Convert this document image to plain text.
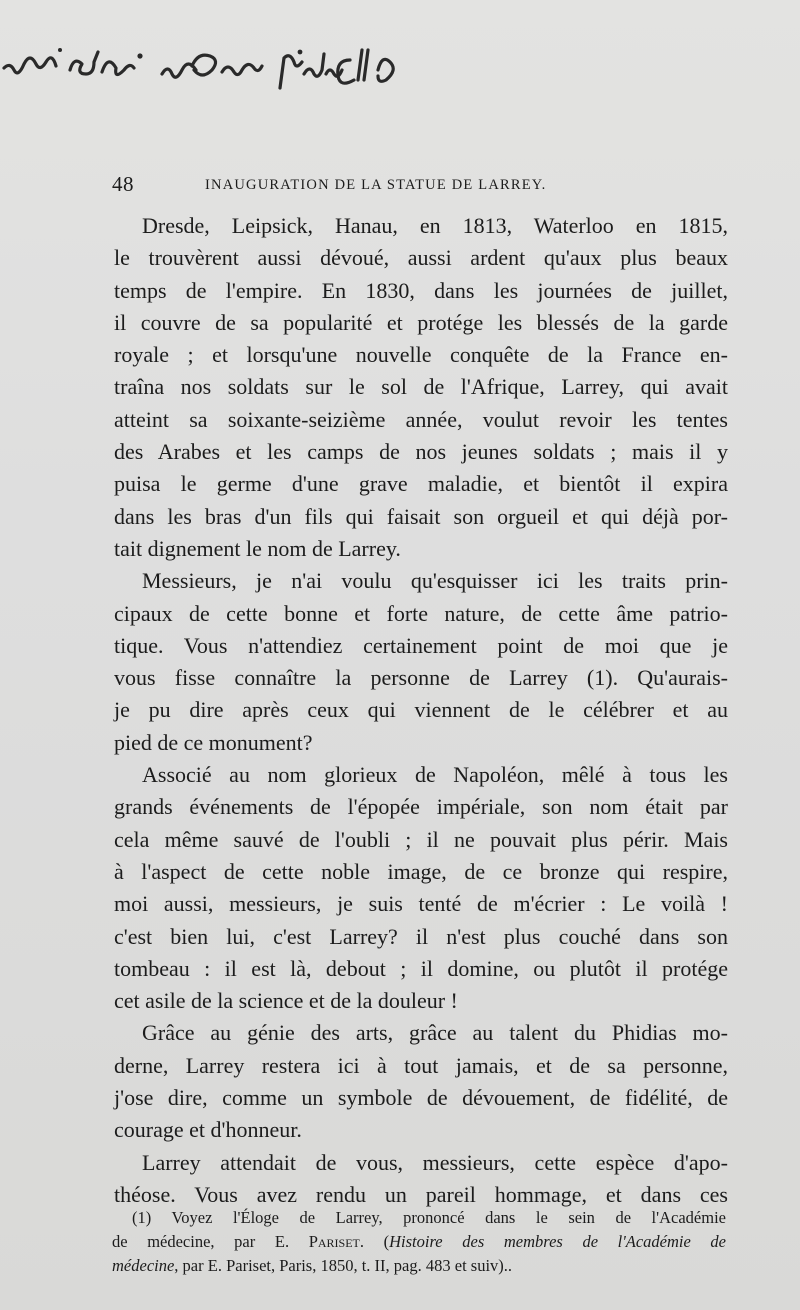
48	INAUGURATION DE LA STATUE DE LARREY.
Dresde, Leipsick, Hanau, en 1813, Waterloo en 1815,
le trouvèrent aussi dévoué, aussi ardent qu'aux plus beaux
temps de l'empire. En 1830, dans les journées de juillet,
il couvre de sa popularité et protége les blessés de la garde
royale ; et lorsqu'une nouvelle conquête de la France en-
traîna nos soldats sur le sol de l'Afrique, Larrey, qui avait
atteint sa soixante-seizième année, voulut revoir les tentes
des Arabes et les camps de nos jeunes soldats ; mais il y
puisa le germe d'une grave maladie, et bientôt il expira
dans les bras d'un fils qui faisait son orgueil et qui déjà por-
tait dignement le nom de Larrey.
Messieurs, je n'ai voulu qu'esquisser ici les traits prin-
cipaux de cette bonne et forte nature, de cette âme patrio-
tique. Vous n'attendiez certainement point de moi que je
vous fisse connaître la personne de Larrey (1). Qu'aurais-
je pu dire après ceux qui viennent de le célébrer et au
pied de ce monument?
Associé au nom glorieux de Napoléon, mêlé à tous les
grands événements de l'épopée impériale, son nom était par
cela même sauvé de l'oubli ; il ne pouvait plus périr. Mais
à l'aspect de cette noble image, de ce bronze qui respire,
moi aussi, messieurs, je suis tenté de m'écrier : Le voilà !
c'est bien lui, c'est Larrey? il n'est plus couché dans son
tombeau : il est là, debout ; il domine, ou plutôt il protége
cet asile de la science et de la douleur !
Grâce au génie des arts, grâce au talent du Phidias mo-
derne, Larrey restera ici à tout jamais, et de sa personne,
j'ose dire, comme un symbole de dévouement, de fidélité, de
courage et d'honneur.
Larrey attendait de vous, messieurs, cette espèce d'apo-
théose. Vous avez rendu un pareil hommage, et dans ces
(1) Voyez l'Éloge de Larrey, prononcé dans le sein de l'Académie
de médecine, par E. Pariset. (Histoire des membres de l'Académie de
médecine, par E. Pariset, Paris, 1850, t. II, pag. 483 et suiv)..
